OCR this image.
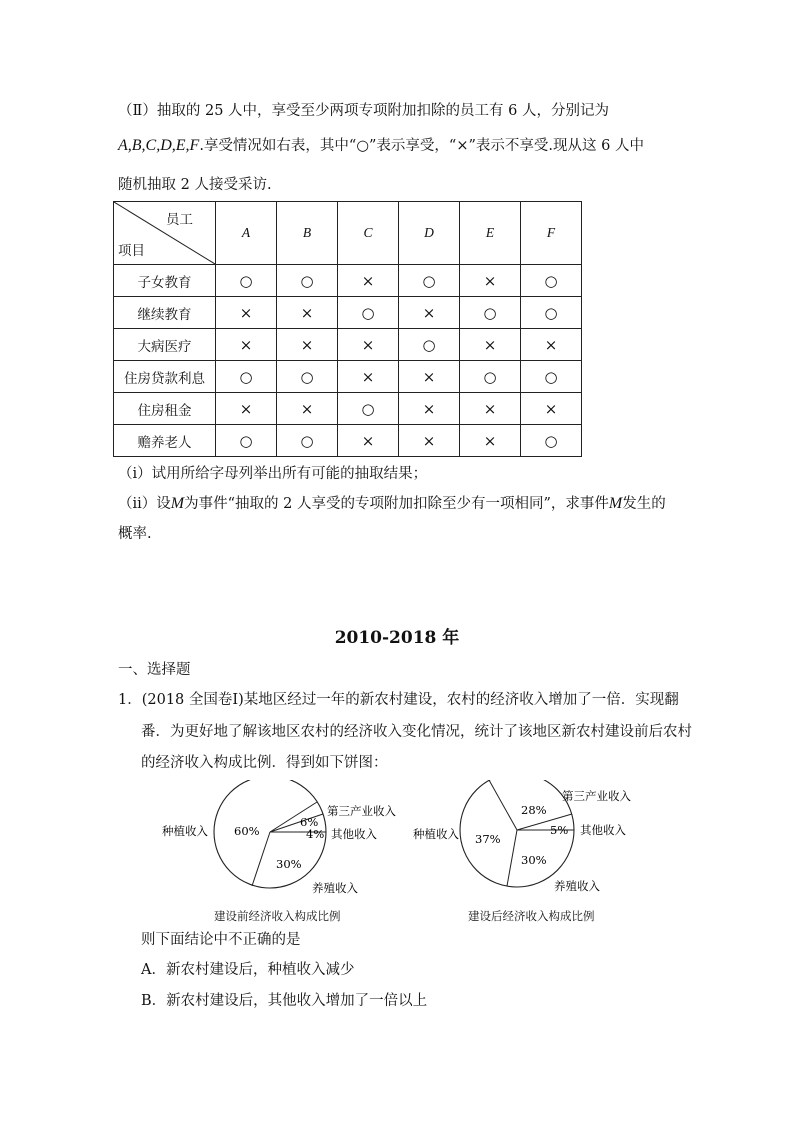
（Ⅱ）抽取的 25 人中，享受至少两项专项附加扣除的员工有 6 人，分别记为
A,B,C,D,E,F.享受情况如右表，其中“○”表示享受，“×”表示不享受.现从这 6 人中
随机抽取 2 人接受采访.
员工
项目	A	B	C	D	E	F
子女教育	○	○	×	○	×	○
继续教育	×	×	○	×	○	○
大病医疗	×	×	×	○	×	×
住房贷款利息	○	○	×	×	○	○
住房租金	×	×	○	×	×	×
赡养老人	○	○	×	×	×	○
（i）试用所给字母列举出所有可能的抽取结果；
（ii）设M为事件“抽取的 2 人享受的专项附加扣除至少有一项相同”，求事件M发生的
概率.
2010-2018 年
一、选择题
1．(2018 全国卷Ⅰ)某地区经过一年的新农村建设，农村的经济收入增加了一倍．实现翻
番．为更好地了解该地区农村的经济收入变化情况，统计了该地区新农村建设前后农村
的经济收入构成比例．得到如下饼图：
60%
6%
4%
30%
种植收入
第三产业收入
其他收入
养殖收入
28%
5%
37%
30%
种植收入
第三产业收入
其他收入
养殖收入
建设前经济收入构成比例	建设后经济收入构成比例
则下面结论中不正确的是
A．新农村建设后，种植收入减少
B．新农村建设后，其他收入增加了一倍以上
